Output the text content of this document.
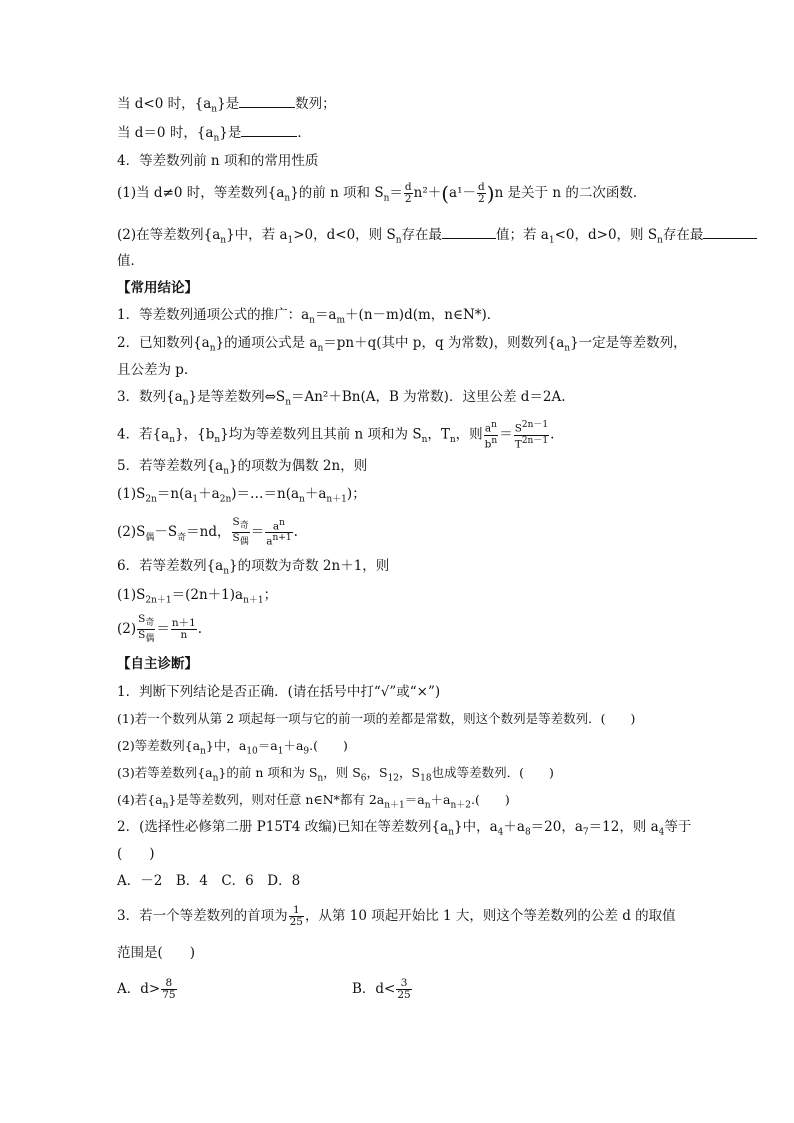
当 d<0 时，$\{a_n\}$是	数列；
当 d＝0 时，$\{a_n\}$是	．
4．等差数列前 n 项和的常用性质
(1)当 d≠0 时，等差数列$\{a_n\}$的前 n 项和 $S_n= \frac{d}{2} n^2+(a^1- \frac{d}{2} )n$ 是关于 n 的二次函数．
(2)在等差数列$\{a_n\}$中，若 $a_1>0$，d<0，则 $S_n$存在最	值；若 $a_1<0$，d>0，则 $S_n$存在最
值．
【常用结论】
1．等差数列通项公式的推广：$a_n=a_m+(n-m)d(m$，n∈N*)．
2．已知数列$\{a_n\}$的通项公式是 $a_n=pn+q$(其中 p，q 为常数)，则数列$\{a_n\}$一定是等差数列，
且公差为 p.
3．数列$\{a_n\}$是等差数列$\Leftrightarrow S_n=An^2+Bn(A$，B 为常数)．这里公差 d＝2A.
4．若$\{a_n\}$，$\{b_n\}$均为等差数列且其前 n 项和为 $S_n$，$T_n$，则 $\frac{a^n}{b^n} = \frac{S^{2n-1}}{T^{2n-1}}$ .
5．若等差数列$\{a_n\}$的项数为偶数 2n，则
$(1)S_{2n}=n(a_1+a_{2n})=\dots=n(a_n+a_{n+1})$；
$(2)S_偶-S_奇=nd$， $\frac{S_奇}{S_偶} = \frac{a^n}{a^{n+1}}$ .
6．若等差数列$\{a_n\}$的项数为奇数 2n＋1，则
$(1)S_{2n+1}=(2n+1)a_{n+1}$；
$(2) \frac{S_奇}{S_偶} = \frac{n+1}{n}$ .
【自主诊断】
1．判断下列结论是否正确．(请在括号中打“√”或“×”)
(1)若一个数列从第 2 项起每一项与它的前一项的差都是常数，则这个数列是等差数列．(　　)
(2)等差数列$\{a_n\}$中，$a_{10}=a_1+a_9$.(　　)
(3)若等差数列$\{a_n\}$的前 n 项和为 $S_n$，则 $S_6$，$S_{12}$，$S_{18}$也成等差数列．(　　)
(4)若$\{a_n\}$是等差数列，则对任意 n∈N*都有 $2a_{n+1}=a_n+a_{n+2}$.(　　)
2．(选择性必修第二册 P15T4 改编)已知在等差数列$\{a_n\}$中，$a_4+a_8=20$，$a_7=12$，则 $a_4$等于
(　　)
A．－2　B．4　C．6　D．8
3．若一个等差数列的首项为 $\frac{1}{25}$ ，从第 10 项起开始比 1 大，则这个等差数列的公差 d 的取值
范围是(　　)
A．$d> \frac{8}{75}$	B．$d< \frac{3}{25}$
